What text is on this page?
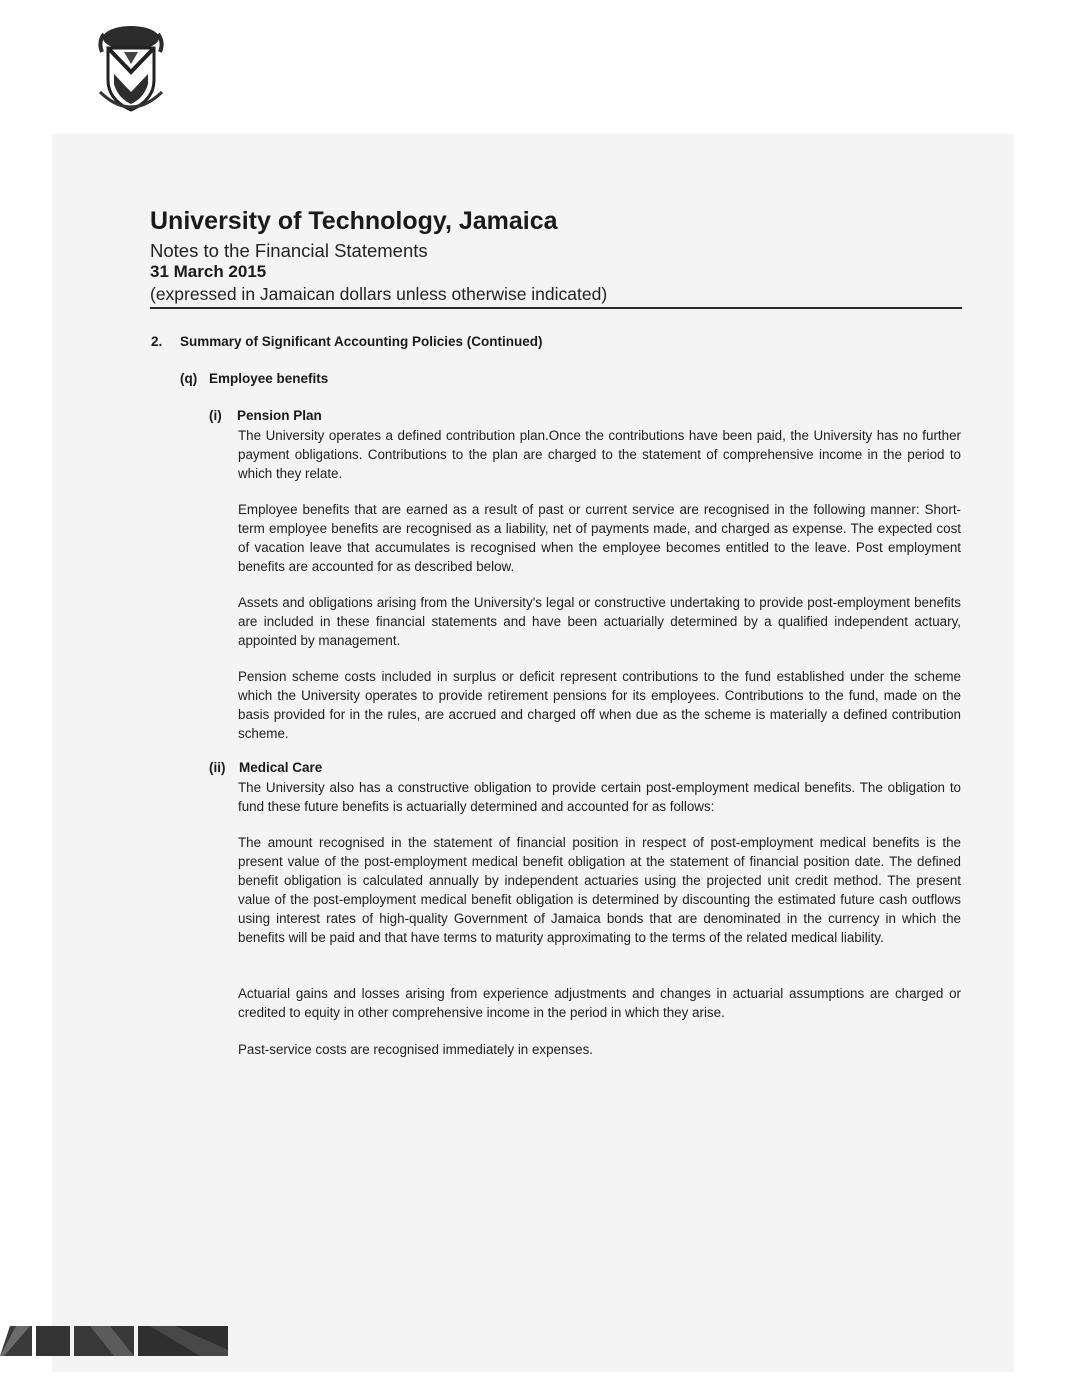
University of Technology, Jamaica
Notes to the Financial Statements
31 March 2015
(expressed in Jamaican dollars unless otherwise indicated)
2. Summary of Significant Accounting Policies (Continued)
(q) Employee benefits
(i) Pension Plan

The University operates a defined contribution plan.Once the contributions have been paid, the University has no further payment obligations. Contributions to the plan are charged to the statement of comprehensive income in the period to which they relate.

Employee benefits that are earned as a result of past or current service are recognised in the following manner: Short-term employee benefits are recognised as a liability, net of payments made, and charged as expense. The expected cost of vacation leave that accumulates is recognised when the employee becomes entitled to the leave. Post employment benefits are accounted for as described below.

Assets and obligations arising from the University's legal or constructive undertaking to provide post-employment benefits are included in these financial statements and have been actuarially determined by a qualified independent actuary, appointed by management.

Pension scheme costs included in surplus or deficit represent contributions to the fund established under the scheme which the University operates to provide retirement pensions for its employees. Contributions to the fund, made on the basis provided for in the rules, are accrued and charged off when due as the scheme is materially a defined contribution scheme.

(ii) Medical Care

The University also has a constructive obligation to provide certain post-employment medical benefits. The obligation to fund these future benefits is actuarially determined and accounted for as follows:

The amount recognised in the statement of financial position in respect of post-employment medical benefits is the present value of the post-employment medical benefit obligation at the statement of financial position date. The defined benefit obligation is calculated annually by independent actuaries using the projected unit credit method. The present value of the post-employment medical benefit obligation is determined by discounting the estimated future cash outflows using interest rates of high-quality Government of Jamaica bonds that are denominated in the currency in which the benefits will be paid and that have terms to maturity approximating to the terms of the related medical liability.

Actuarial gains and losses arising from experience adjustments and changes in actuarial assumptions are charged or credited to equity in other comprehensive income in the period in which they arise.

Past-service costs are recognised immediately in expenses.
